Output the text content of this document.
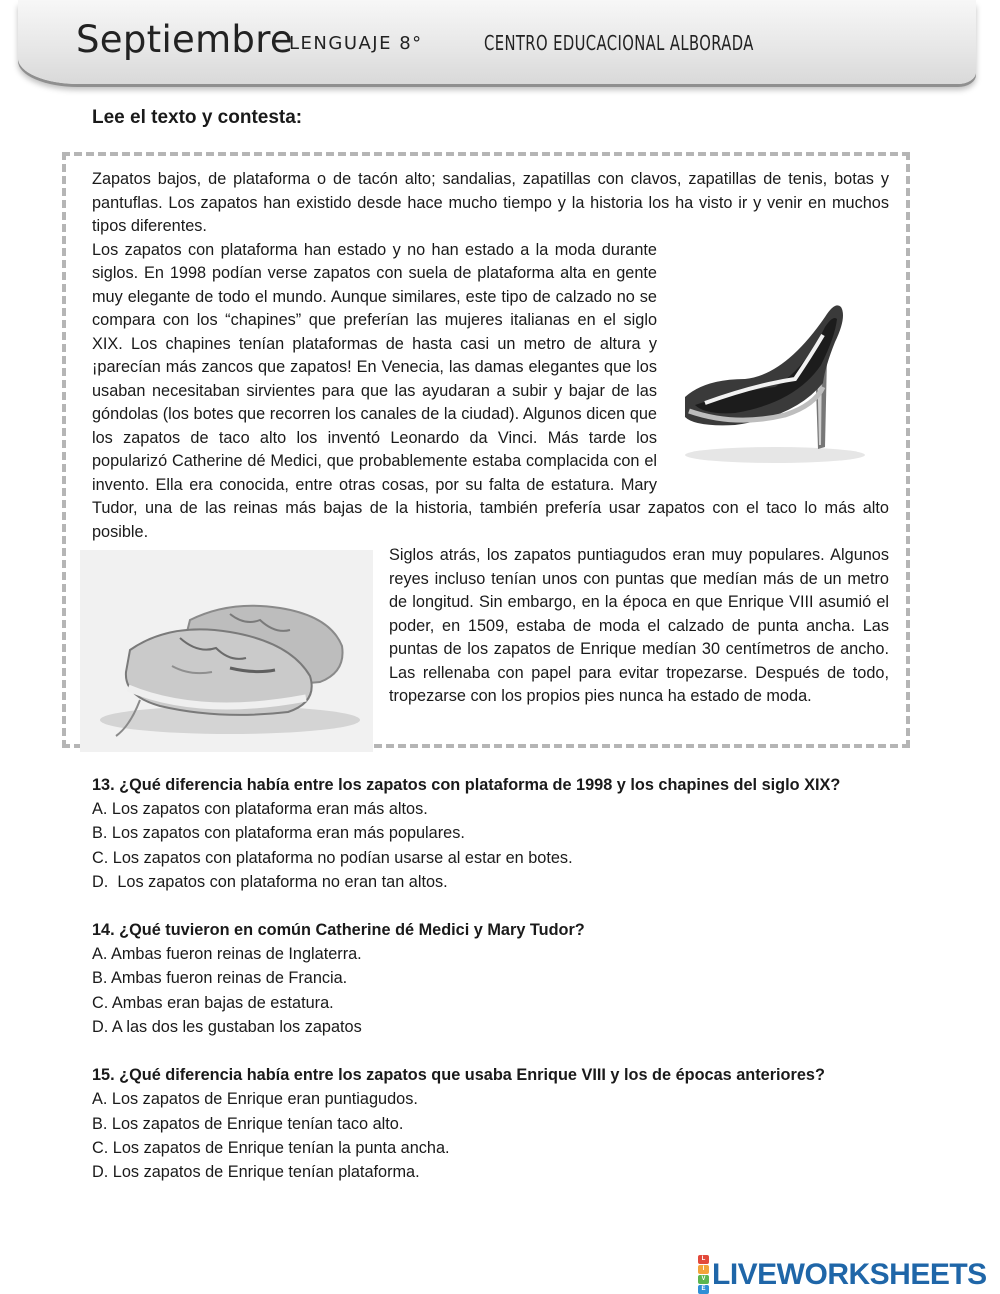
Septiembre
LENGUAJE 8°	CENTRO EDUCACIONAL ALBORADA
Lee el texto y contesta:

Zapatos bajos, de plataforma o de tacón alto; sandalias, zapatillas con clavos, zapatillas de tenis, botas y pantuflas. Los zapatos han existido desde hace mucho tiempo y la historia los ha visto ir y venir en muchos tipos diferentes.

Los zapatos con plataforma han estado y no han estado a la moda durante siglos. En 1998 podían verse zapatos con suela de plataforma alta en gente muy elegante de todo el mundo. Aunque similares, este tipo de calzado no se compara con los “chapines” que preferían las mujeres italianas en el siglo XIX. Los chapines tenían plataformas de hasta casi un metro de altura y ¡parecían más zancos que zapatos! En Venecia, las damas elegantes que los usaban necesitaban sirvientes para que las ayudaran a subir y bajar de las góndolas (los botes que recorren los canales de la ciudad). Algunos dicen que los zapatos de taco alto los inventó Leonardo da Vinci. Más tarde los popularizó Catherine dé Medici, que probablemente estaba complacida con el invento. Ella era conocida, entre otras cosas, por su falta de estatura. Mary Tudor, una de las reinas más bajas de la historia, también prefería usar zapatos con el taco lo más alto posible.

Siglos atrás, los zapatos puntiagudos eran muy populares. Algunos reyes incluso tenían unos con puntas que medían más de un metro de longitud. Sin embargo, en la época en que Enrique VIII asumió el poder, en 1509, estaba de moda el calzado de punta ancha. Las puntas de los zapatos de Enrique medían 30 centímetros de ancho. Las rellenaba con papel para evitar tropezarse. Después de todo, tropezarse con los propios pies nunca ha estado de moda.

13. ¿Qué diferencia había entre los zapatos con plataforma de 1998 y los chapines del siglo XIX?
A. Los zapatos con plataforma eran más altos.
B. Los zapatos con plataforma eran más populares.
C. Los zapatos con plataforma no podían usarse al estar en botes.
D.  Los zapatos con plataforma no eran tan altos.
14. ¿Qué tuvieron en común Catherine dé Medici y Mary Tudor?
A. Ambas fueron reinas de Inglaterra.
B. Ambas fueron reinas de Francia.
C. Ambas eran bajas de estatura.
D. A las dos les gustaban los zapatos
15. ¿Qué diferencia había entre los zapatos que usaba Enrique VIII y los de épocas anteriores?
A. Los zapatos de Enrique eran puntiagudos.
B. Los zapatos de Enrique tenían taco alto.
C. Los zapatos de Enrique tenían la punta ancha.
D. Los zapatos de Enrique tenían plataforma.
L
I
V
E LIVEWORKSHEETS
